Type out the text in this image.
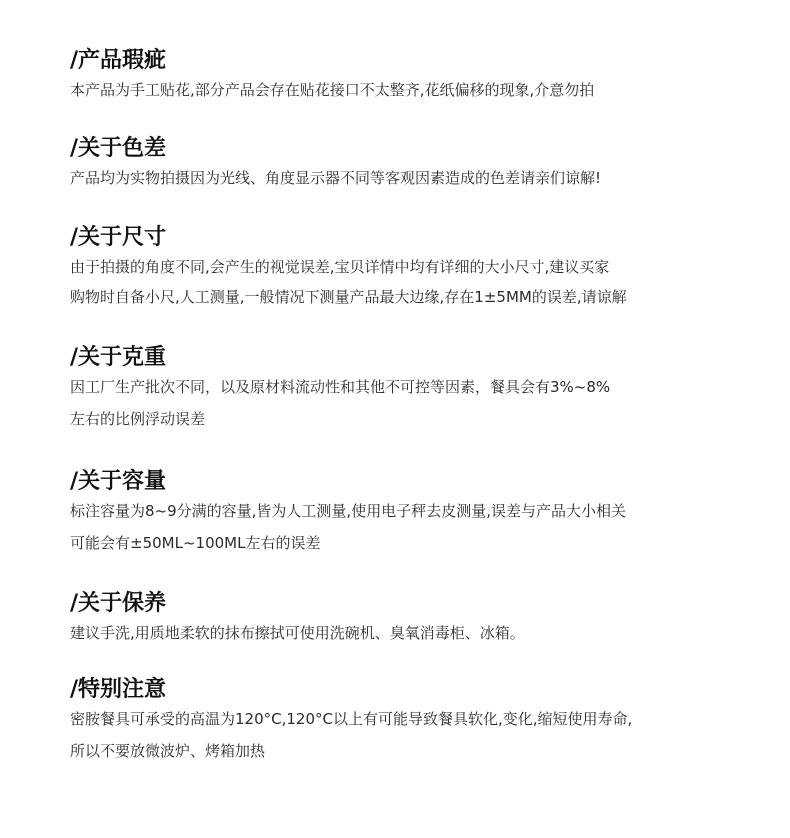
/产品瑕疵
本产品为手工贴花,部分产品会存在贴花接口不太整齐,花纸偏移的现象,介意勿拍
/关于色差
产品均为实物拍摄因为光线、角度显示器不同等客观因素造成的色差请亲们谅解!
/关于尺寸
由于拍摄的角度不同,会产生的视觉误差,宝贝详情中均有详细的大小尺寸,建议买家
购物时自备小尺,人工测量,一般情况下测量产品最大边缘,存在1±5MM的误差,请谅解
/关于克重
因工厂生产批次不同，以及原材料流动性和其他不可控等因素，餐具会有3%~8%
左右的比例浮动误差
/关于容量
标注容量为8~9分满的容量,皆为人工测量,使用电子秤去皮测量,误差与产品大小相关
可能会有±50ML~100ML左右的误差
/关于保养
建议手洗,用质地柔软的抹布擦拭可使用洗碗机、臭氧消毒柜、冰箱。
/特别注意
密胺餐具可承受的高温为120°C,120°C以上有可能导致餐具软化,变化,缩短使用寿命,
所以不要放微波炉、烤箱加热
